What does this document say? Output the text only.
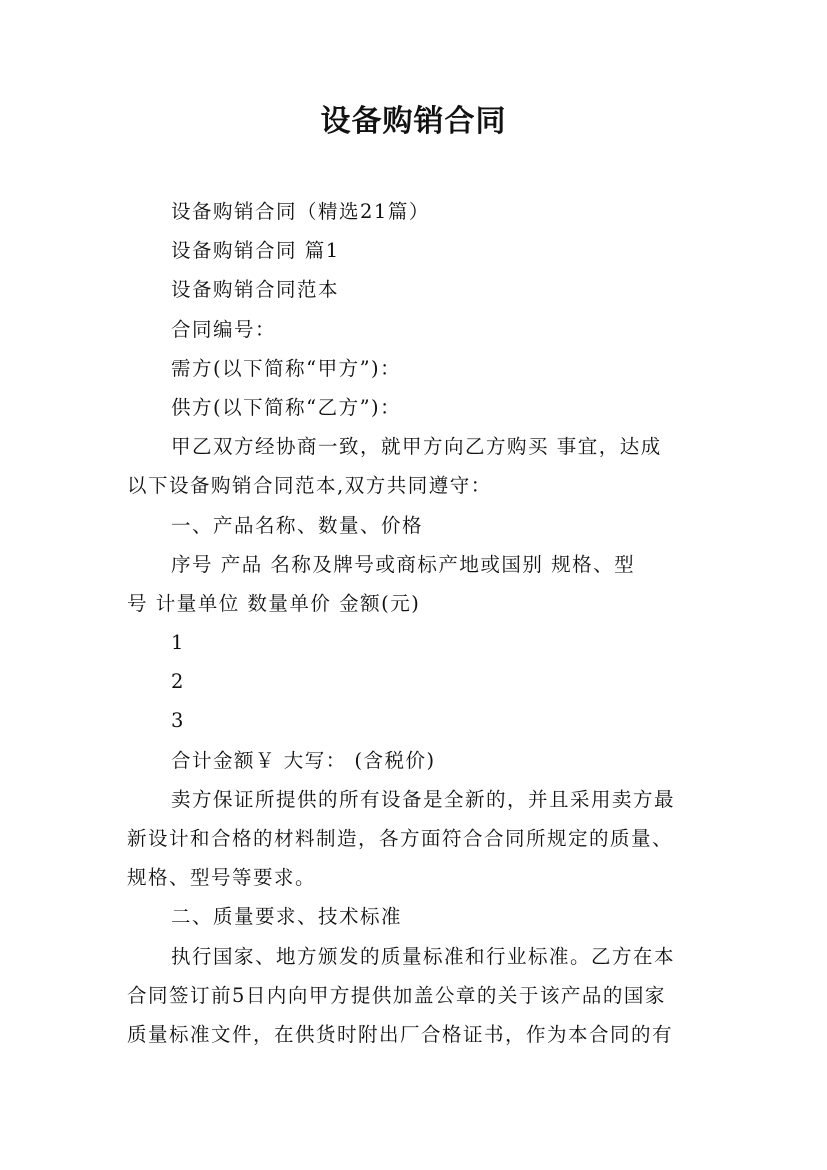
设备购销合同
设备购销合同（精选21篇）
设备购销合同 篇1
设备购销合同范本
合同编号：
需方(以下简称“甲方”)：
供方(以下简称“乙方”)：
甲乙双方经协商一致，就甲方向乙方购买 事宜，达成
以下设备购销合同范本,双方共同遵守：
一、产品名称、数量、价格
序号 产品 名称及牌号或商标产地或国别 规格、型
号 计量单位 数量单价 金额(元)
1
2
3
合计金额￥ 大写： (含税价)
卖方保证所提供的所有设备是全新的，并且采用卖方最
新设计和合格的材料制造，各方面符合合同所规定的质量、
规格、型号等要求。
二、质量要求、技术标准
执行国家、地方颁发的质量标准和行业标准。乙方在本
合同签订前5日内向甲方提供加盖公章的关于该产品的国家
质量标准文件，在供货时附出厂合格证书，作为本合同的有
